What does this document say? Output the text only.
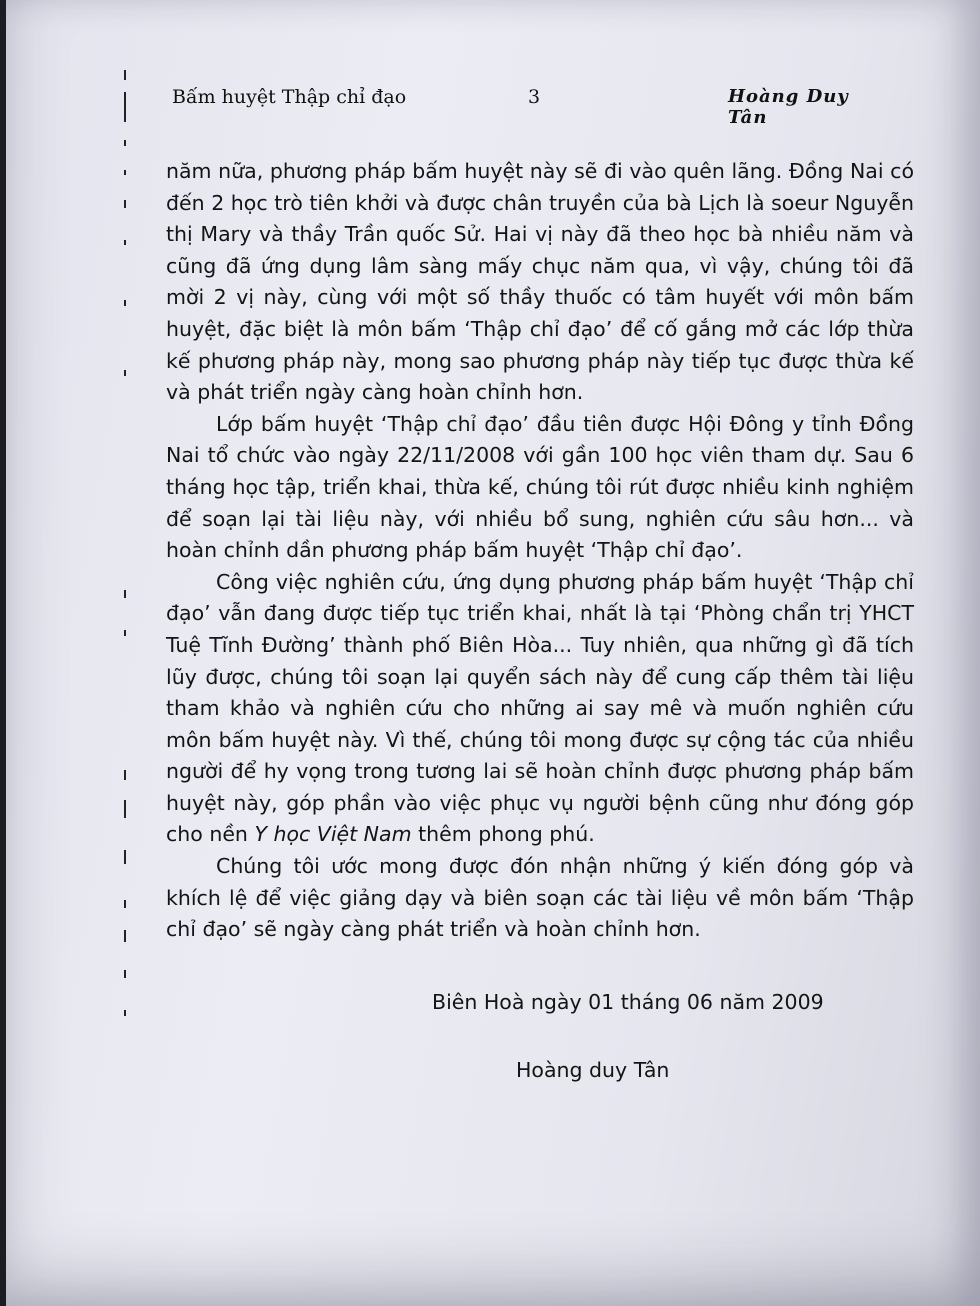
Bấm huyệt Thập chỉ đạo	3	Hoàng Duy Tân

năm nữa, phương pháp bấm huyệt này sẽ đi vào quên lãng. Đồng Nai có đến 2 học trò tiên khởi và được chân truyền của bà Lịch là soeur Nguyễn thị Mary và thầy Trần quốc Sử. Hai vị này đã theo học bà nhiều năm và cũng đã ứng dụng lâm sàng mấy chục năm qua, vì vậy, chúng tôi đã mời 2 vị này, cùng với một số thầy thuốc có tâm huyết với môn bấm huyệt, đặc biệt là môn bấm ‘Thập chỉ đạo’ để cố gắng mở các lớp thừa kế phương pháp này, mong sao phương pháp này tiếp tục được thừa kế và phát triển ngày càng hoàn chỉnh hơn.

Lớp bấm huyệt ‘Thập chỉ đạo’ đầu tiên được Hội Đông y tỉnh Đồng Nai tổ chức vào ngày 22/11/2008 với gần 100 học viên tham dự. Sau 6 tháng học tập, triển khai, thừa kế, chúng tôi rút được nhiều kinh nghiệm để soạn lại tài liệu này, với nhiều bổ sung, nghiên cứu sâu hơn... và hoàn chỉnh dần phương pháp bấm huyệt ‘Thập chỉ đạo’.

Công việc nghiên cứu, ứng dụng phương pháp bấm huyệt ‘Thập chỉ đạo’ vẫn đang được tiếp tục triển khai, nhất là tại ‘Phòng chẩn trị YHCT Tuệ Tĩnh Đường’ thành phố Biên Hòa... Tuy nhiên, qua những gì đã tích lũy được, chúng tôi soạn lại quyển sách này để cung cấp thêm tài liệu tham khảo và nghiên cứu cho những ai say mê và muốn nghiên cứu môn bấm huyệt này. Vì thế, chúng tôi mong được sự cộng tác của nhiều người để hy vọng trong tương lai sẽ hoàn chỉnh được phương pháp bấm huyệt này, góp phần vào việc phục vụ người bệnh cũng như đóng góp cho nền Y học Việt Nam thêm phong phú.

Chúng tôi ước mong được đón nhận những ý kiến đóng góp và khích lệ để việc giảng dạy và biên soạn các tài liệu về môn bấm ‘Thập chỉ đạo’ sẽ ngày càng phát triển và hoàn chỉnh hơn.

Biên Hoà ngày 01 tháng 06 năm 2009
Hoàng duy Tân
